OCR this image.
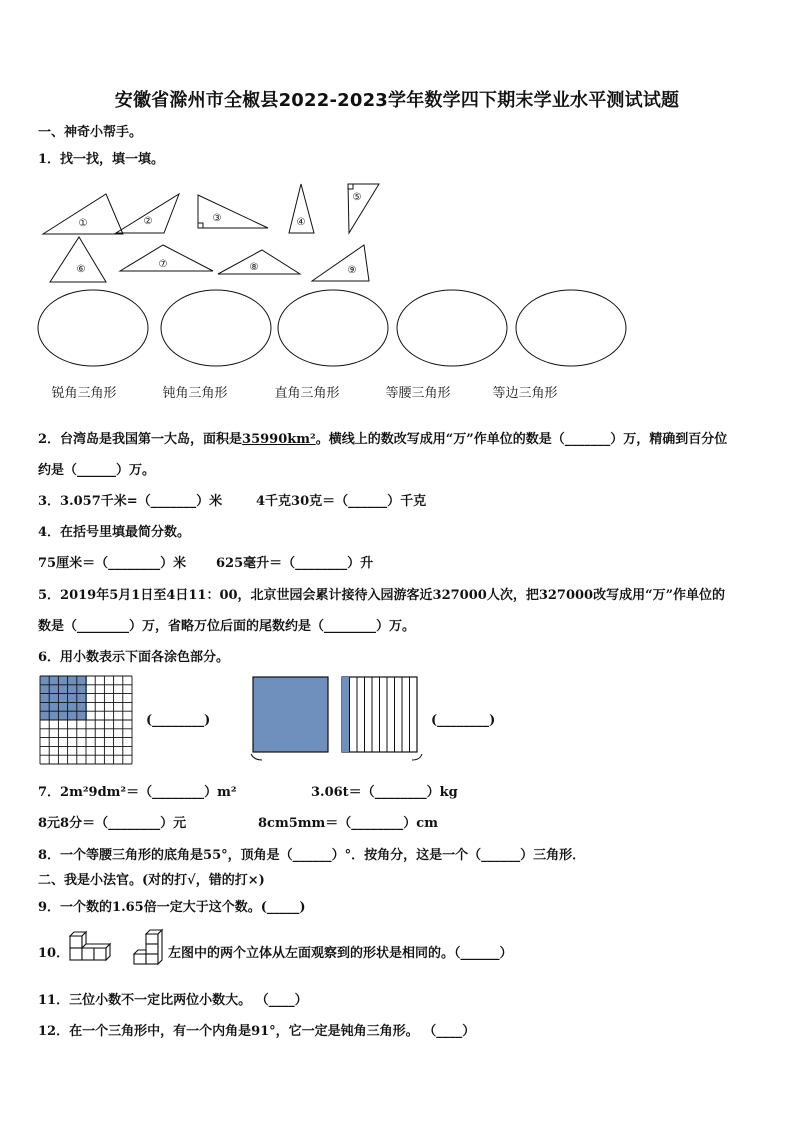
安徽省滁州市全椒县2022-2023学年数学四下期末学业水平测试试题
一、神奇小帮手。
1．找一找，填一填。
①	②	③	④
⑤
⑥	⑦	⑧	⑨
锐角三角形	钝角三角形	直角三角形	等腰三角形	等边三角形
2．台湾岛是我国第一大岛，面积是35990km²。横线上的数改写成用“万”作单位的数是（_______）万，精确到百分位
约是（______）万。
3．3.057千米=（_______）米	4千克30克＝（______）千克
4．在括号里填最简分数。
75厘米＝（________）米 625毫升＝（________）升
5．2019年5月1日至4日11：00，北京世园会累计接待入园游客近327000人次，把327000改写成用“万”作单位的
数是（________）万，省略万位后面的尾数约是（________）万。
6．用小数表示下面各涂色部分。
(________)	(________)
7．2m²9dm²＝（________）m²	3.06t＝（________）kg
8元8分＝（________）元	8cm5mm＝（________）cm
8．一个等腰三角形的底角是55°，顶角是（______）°．按角分，这是一个（______）三角形．
二、我是小法官。(对的打√，错的打×)
9．一个数的1.65倍一定大于这个数。(_____)
10．	左图中的两个立体从左面观察到的形状是相同的。（______）
11．三位小数不一定比两位小数大。 （____）
12．在一个三角形中，有一个内角是91°，它一定是钝角三角形。 （____）
